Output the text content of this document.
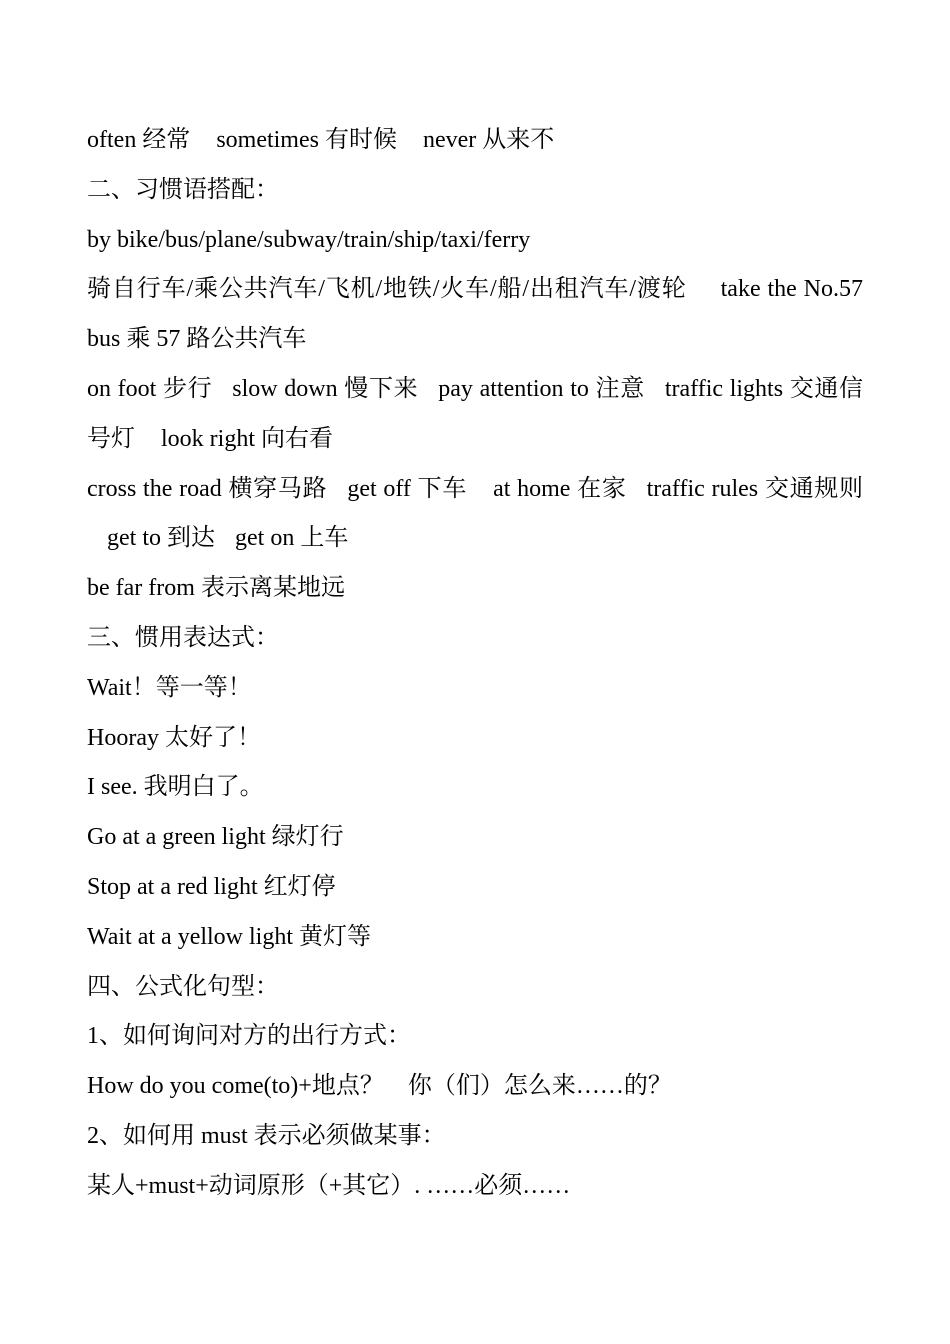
often 经常 sometimes 有时候 never 从来不
二、习惯语搭配：
by bike/bus/plane/subway/train/ship/taxi/ferry
骑自行车/乘公共汽车/飞机/地铁/火车/船/出租汽车/渡轮 take the No.57 bus 乘 57 路公共汽车
on foot 步行 slow down 慢下来 pay attention to 注意 traffic lights 交通信号灯 look right 向右看
cross the road 横穿马路 get off 下车 at home 在家 traffic rules 交通规则get to 到达 get on 上车
be far from 表示离某地远
三、惯用表达式：
Wait！等一等！
Hooray 太好了！
I see. 我明白了。
Go at a green light 绿灯行
Stop at a red light 红灯停
Wait at a yellow light 黄灯等
四、公式化句型：
1、如何询问对方的出行方式：
How do you come(to)+地点？　你（们）怎么来……的？
2、如何用 must 表示必须做某事：
某人+must+动词原形（+其它）. ……必须……
